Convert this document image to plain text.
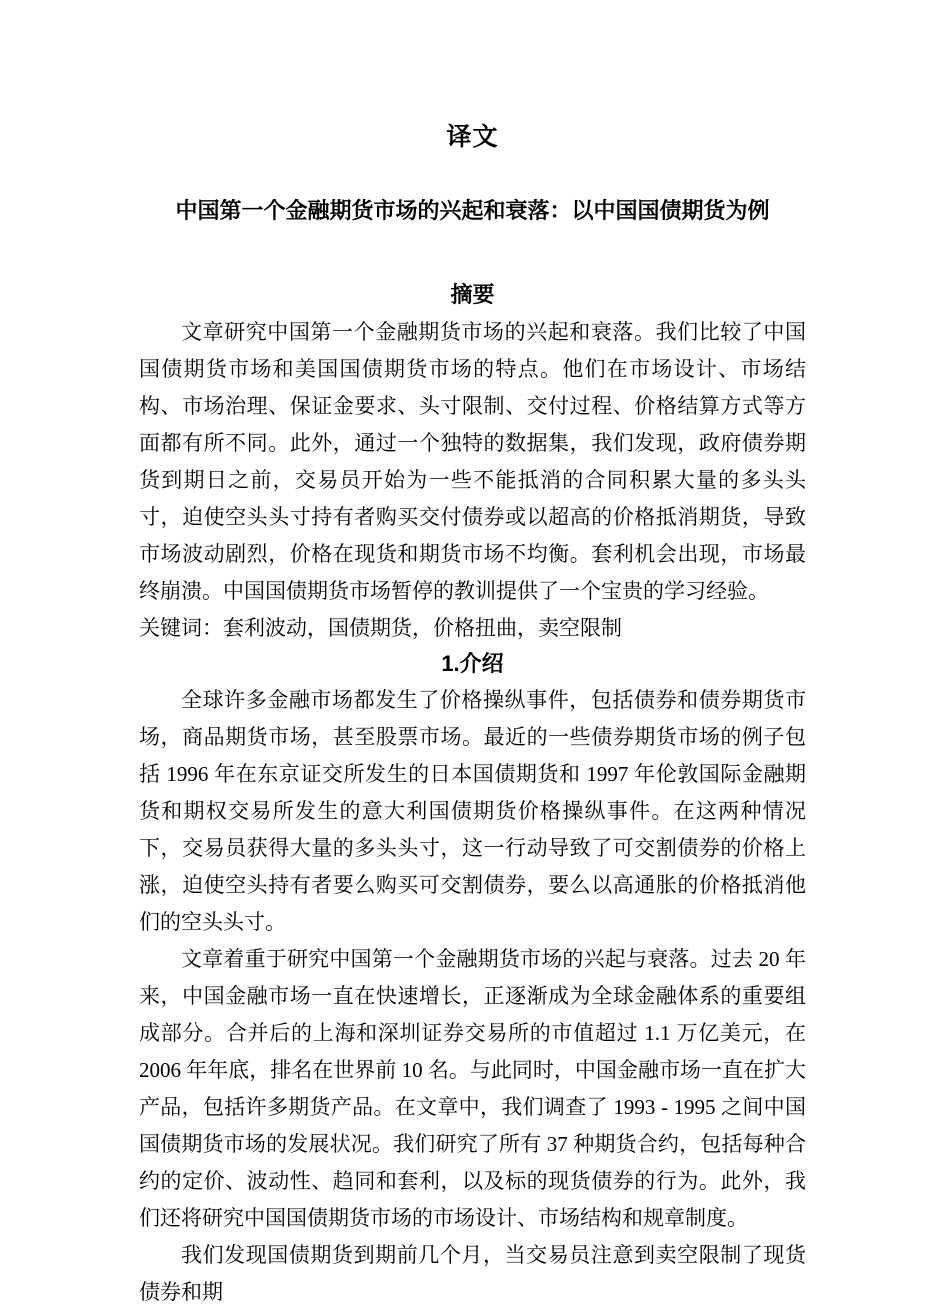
译文
中国第一个金融期货市场的兴起和衰落：以中国国债期货为例
摘要

文章研究中国第一个金融期货市场的兴起和衰落。我们比较了中国国债期货市场和美国国债期货市场的特点。他们在市场设计、市场结构、市场治理、保证金要求、头寸限制、交付过程、价格结算方式等方面都有所不同。此外，通过一个独特的数据集，我们发现，政府债券期货到期日之前，交易员开始为一些不能抵消的合同积累大量的多头头寸，迫使空头头寸持有者购买交付债券或以超高的价格抵消期货，导致市场波动剧烈，价格在现货和期货市场不均衡。套利机会出现，市场最终崩溃。中国国债期货市场暂停的教训提供了一个宝贵的学习经验。

关键词：套利波动，国债期货，价格扭曲，卖空限制

1.介绍

全球许多金融市场都发生了价格操纵事件，包括债券和债券期货市场，商品期货市场，甚至股票市场。最近的一些债券期货市场的例子包括 1996 年在东京证交所发生的日本国债期货和 1997 年伦敦国际金融期货和期权交易所发生的意大利国债期货价格操纵事件。在这两种情况下，交易员获得大量的多头头寸，这一行动导致了可交割债券的价格上涨，迫使空头持有者要么购买可交割债券，要么以高通胀的价格抵消他们的空头头寸。

文章着重于研究中国第一个金融期货市场的兴起与衰落。过去 20 年来，中国金融市场一直在快速增长，正逐渐成为全球金融体系的重要组成部分。合并后的上海和深圳证券交易所的市值超过 1.1 万亿美元，在 2006 年年底，排名在世界前 10 名。与此同时，中国金融市场一直在扩大产品，包括许多期货产品。在文章中，我们调查了 1993 - 1995 之间中国国债期货市场的发展状况。我们研究了所有 37 种期货合约，包括每种合约的定价、波动性、趋同和套利，以及标的现货债券的行为。此外，我们还将研究中国国债期货市场的市场设计、市场结构和规章制度。

我们发现国债期货到期前几个月，当交易员注意到卖空限制了现货债券和期
